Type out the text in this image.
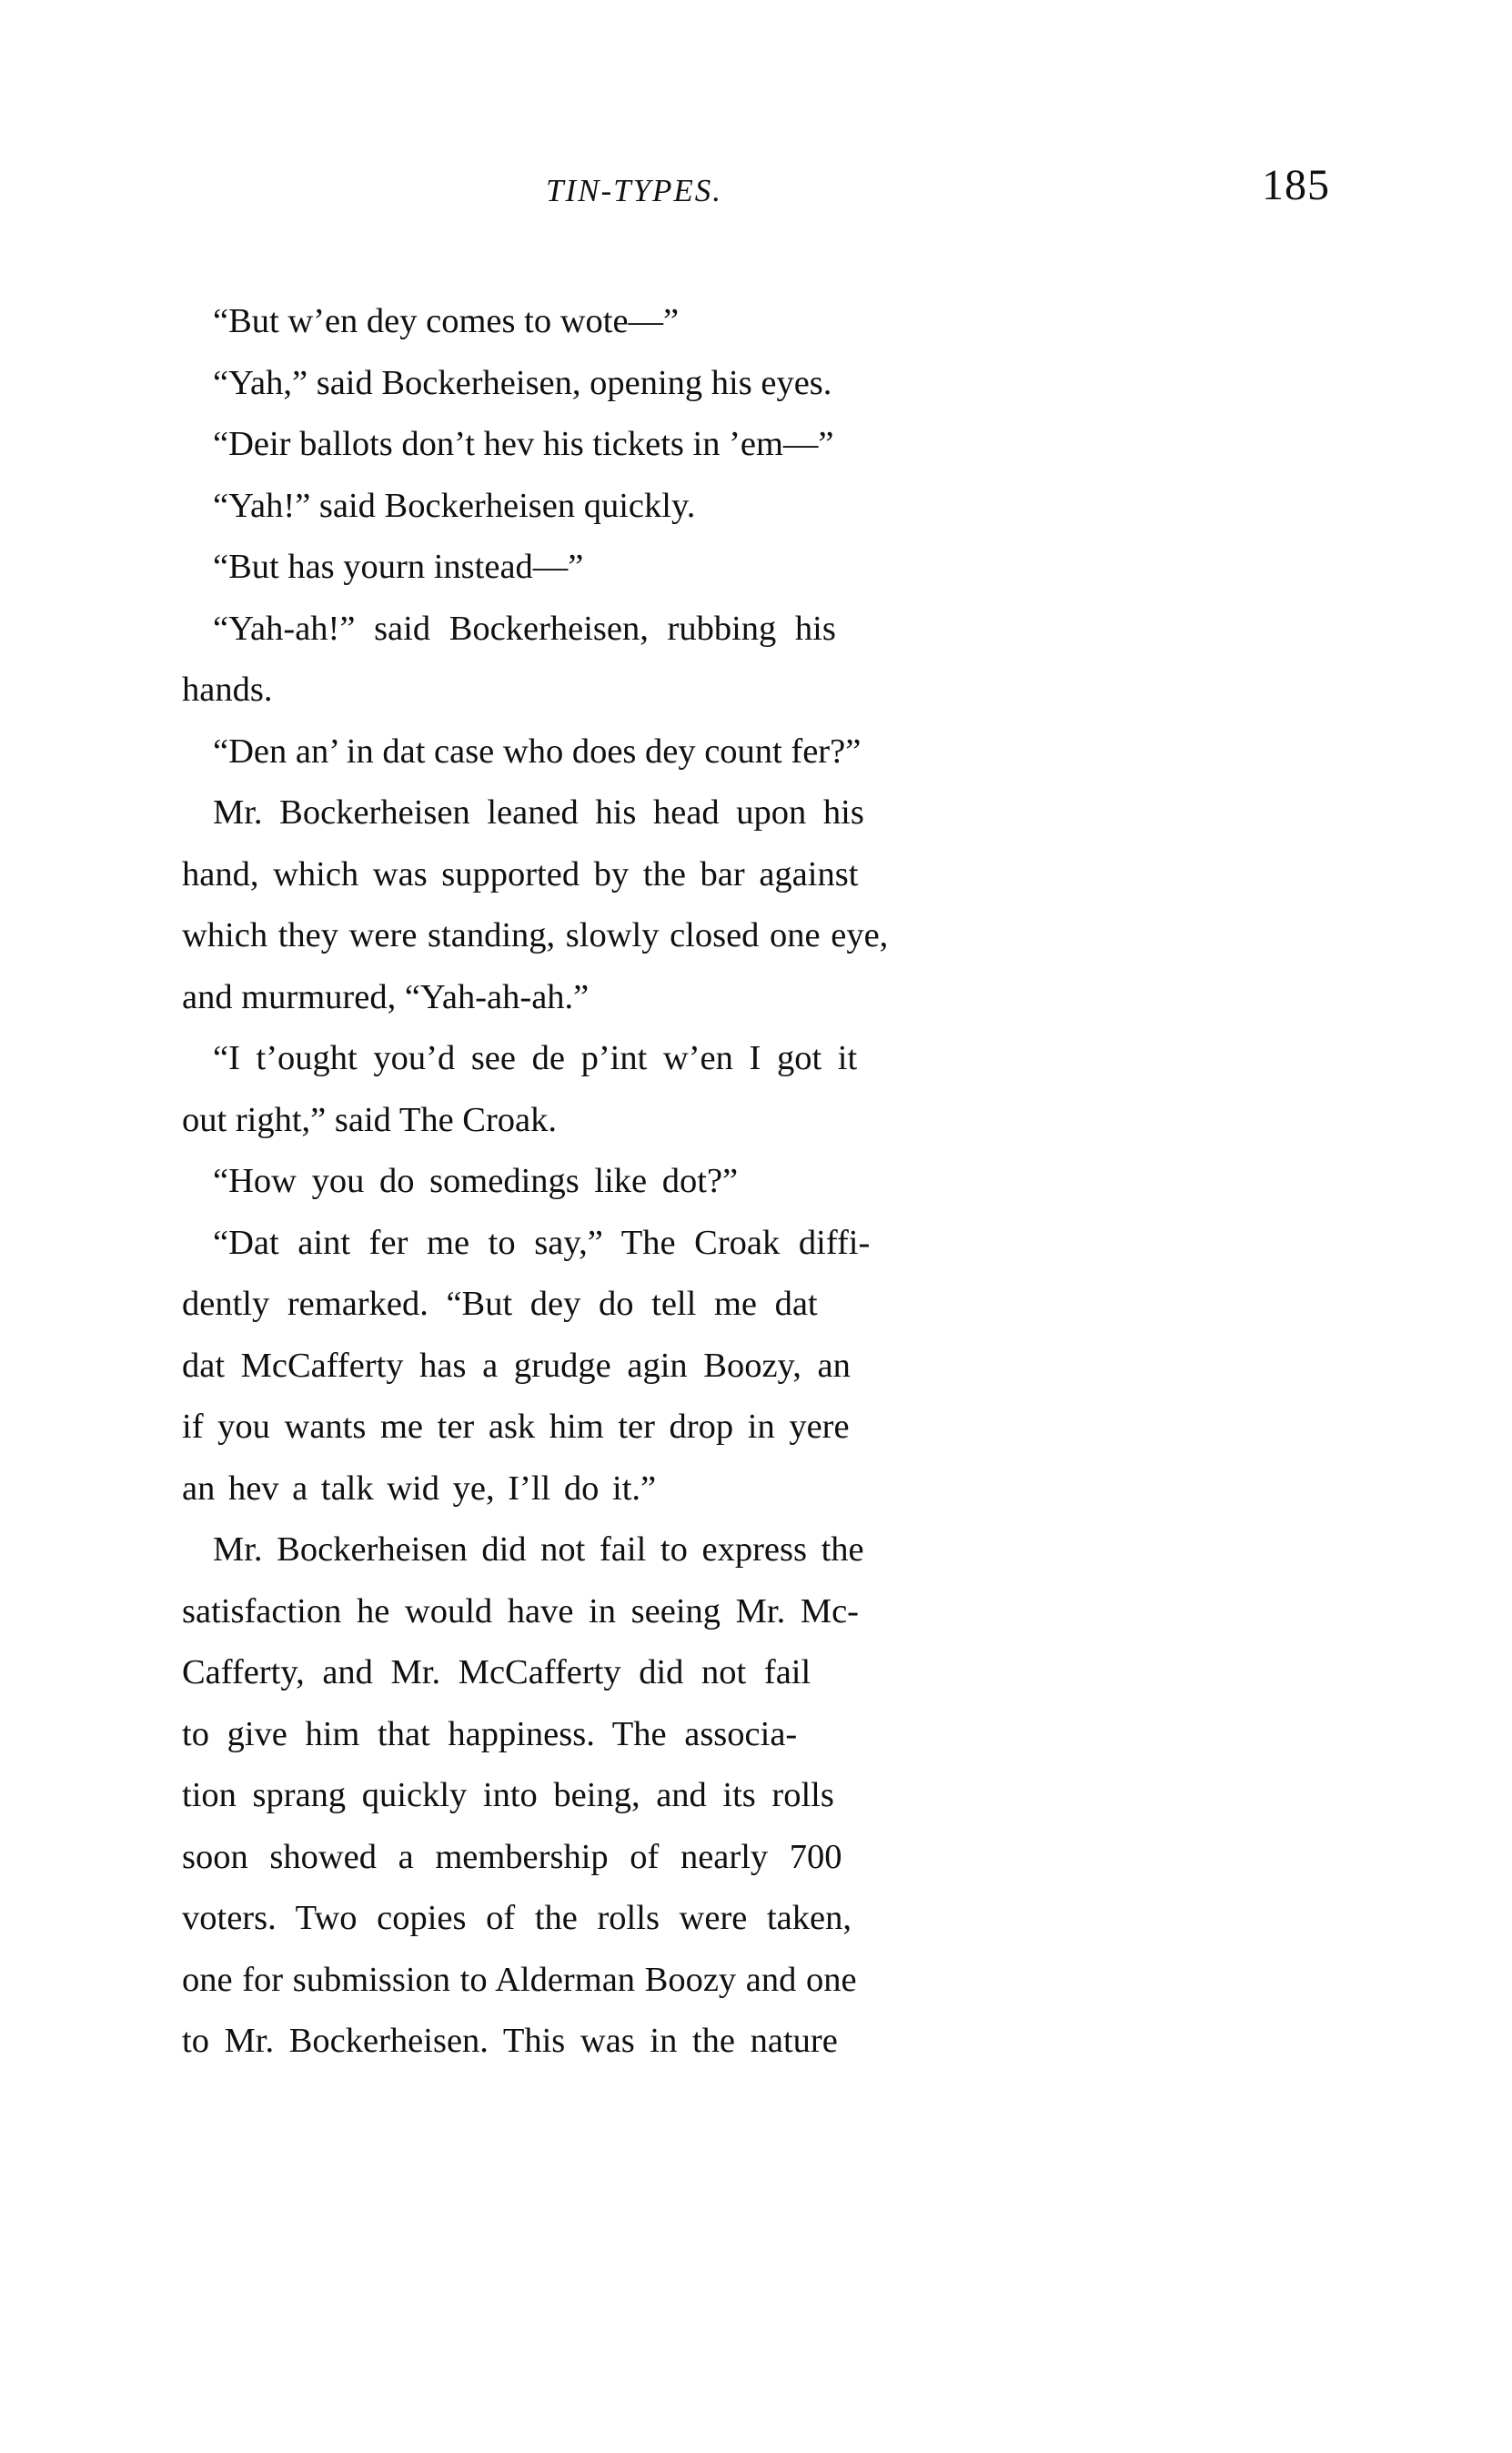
TIN-TYPES.	185
“But w’en dey comes to wote—”
“Yah,” said Bockerheisen, opening his eyes.
“Deir ballots don’t hev his tickets in ’em—”
“Yah!” said Bockerheisen quickly.
“But has yourn instead—”
“Yah-ah!” said Bockerheisen, rubbing his
hands.
“Den an’ in dat case who does dey count fer?”
Mr. Bockerheisen leaned his head upon his
hand, which was supported by the bar against
which they were standing, slowly closed one eye,
and murmured, “Yah-ah-ah.”
“I t’ought you’d see de p’int w’en I got it
out right,” said The Croak.
“How you do somedings like dot?”
“Dat aint fer me to say,” The Croak diffi-
dently remarked. “But dey do tell me dat
dat McCafferty has a grudge agin Boozy, an
if you wants me ter ask him ter drop in yere
an hev a talk wid ye, I’ll do it.”
Mr. Bockerheisen did not fail to express the
satisfaction he would have in seeing Mr. Mc-
Cafferty, and Mr. McCafferty did not fail
to give him that happiness. The associa-
tion sprang quickly into being, and its rolls
soon showed a membership of nearly 700
voters. Two copies of the rolls were taken,
one for submission to Alderman Boozy and one
to Mr. Bockerheisen. This was in the nature
